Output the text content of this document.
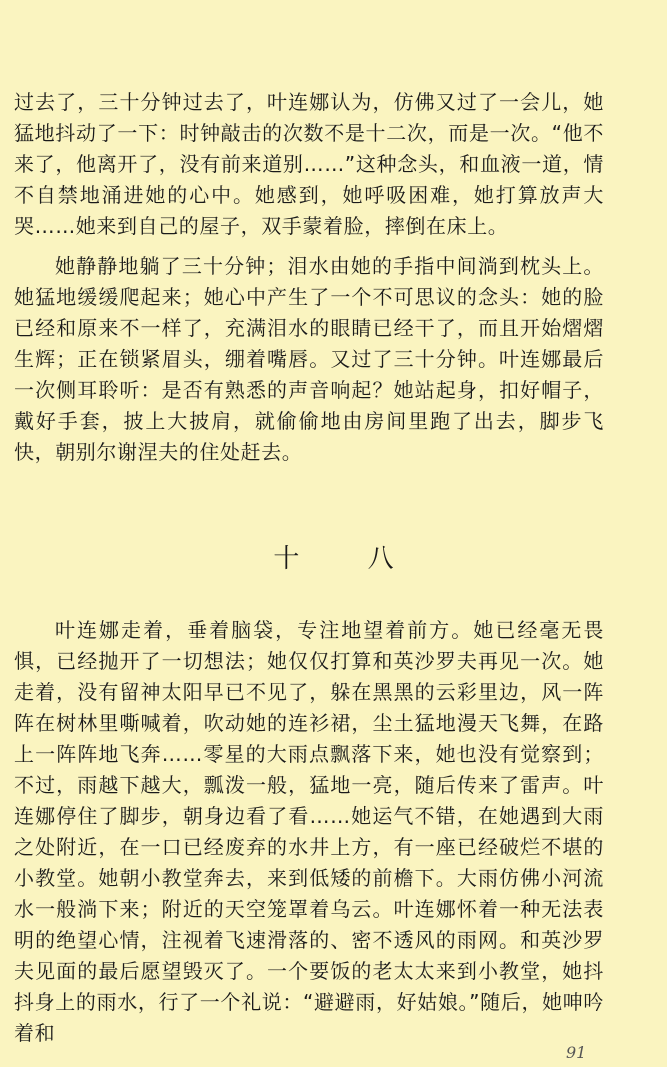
过去了，三十分钟过去了，叶连娜认为，仿佛又过了一会儿，她猛地抖动了一下：时钟敲击的次数不是十二次，而是一次。“他不来了，他离开了，没有前来道别……”这种念头，和血液一道，情不自禁地涌进她的心中。她感到，她呼吸困难，她打算放声大哭……她来到自己的屋子，双手蒙着脸，摔倒在床上。

她静静地躺了三十分钟；泪水由她的手指中间淌到枕头上。她猛地缓缓爬起来；她心中产生了一个不可思议的念头：她的脸已经和原来不一样了，充满泪水的眼睛已经干了，而且开始熠熠生辉；正在锁紧眉头，绷着嘴唇。又过了三十分钟。叶连娜最后一次侧耳聆听：是否有熟悉的声音响起？她站起身，扣好帽子，戴好手套，披上大披肩，就偷偷地由房间里跑了出去，脚步飞快，朝别尔谢涅夫的住处赶去。

十 八

叶连娜走着，垂着脑袋，专注地望着前方。她已经毫无畏惧，已经抛开了一切想法；她仅仅打算和英沙罗夫再见一次。她走着，没有留神太阳早已不见了，躲在黑黑的云彩里边，风一阵阵在树林里嘶喊着，吹动她的连衫裙，尘土猛地漫天飞舞，在路上一阵阵地飞奔……零星的大雨点飘落下来，她也没有觉察到；不过，雨越下越大，瓢泼一般，猛地一亮，随后传来了雷声。叶连娜停住了脚步，朝身边看了看……她运气不错，在她遇到大雨之处附近，在一口已经废弃的水井上方，有一座已经破烂不堪的小教堂。她朝小教堂奔去，来到低矮的前檐下。大雨仿佛小河流水一般淌下来；附近的天空笼罩着乌云。叶连娜怀着一种无法表明的绝望心情，注视着飞速滑落的、密不透风的雨网。和英沙罗夫见面的最后愿望毁灭了。一个要饭的老太太来到小教堂，她抖抖身上的雨水，行了一个礼说：“避避雨，好姑娘。”随后，她呻吟着和

91
